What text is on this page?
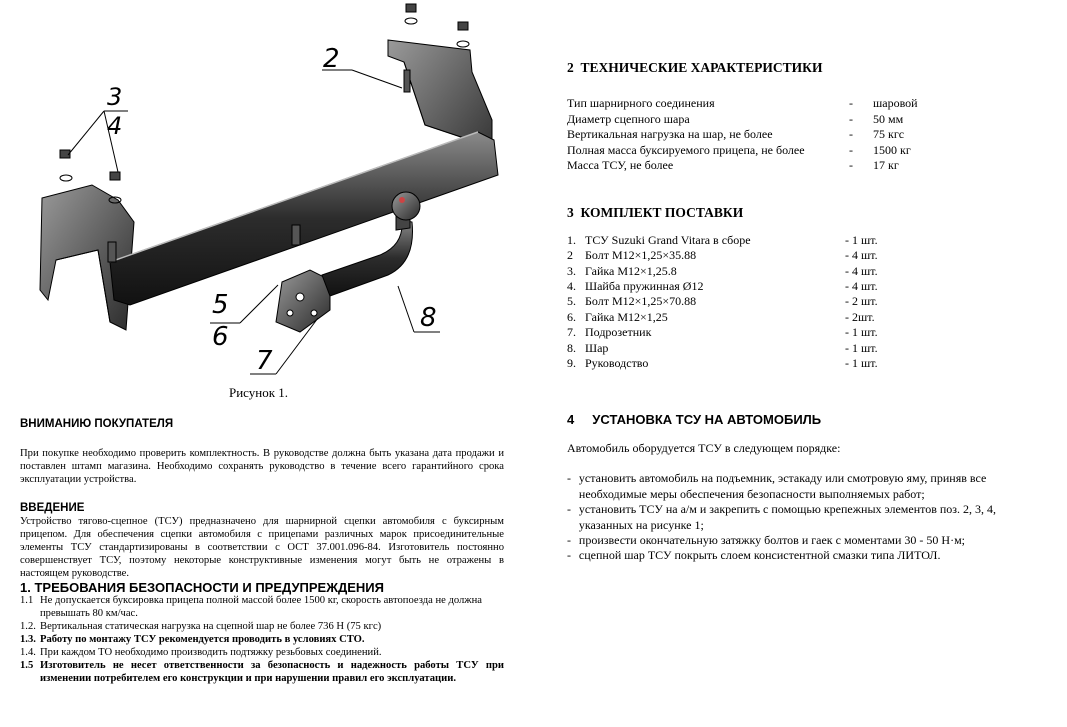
2
3
4
5
6
7
8
Рисунок 1.
ВНИМАНИЮ ПОКУПАТЕЛЯ
При покупке необходимо проверить комплектность. В руководстве должна быть указана дата продажи и поставлен штамп магазина. Необходимо сохранять руководство в течение всего гарантийного срока эксплуатации устройства.
ВВЕДЕНИЕ
Устройство тягово-сцепное (ТСУ) предназначено для шарнирной сцепки автомобиля с буксирным прицепом. Для обеспечения сцепки автомобиля с прицепами различных марок присоединительные элементы ТСУ стандартизированы в соответствии с ОСТ 37.001.096-84. Изготовитель постоянно совершенствует ТСУ, поэтому некоторые конструктивные изменения могут быть не отражены в настоящем руководстве.
1. ТРЕБОВАНИЯ БЕЗОПАСНОСТИ И ПРЕДУПРЕЖДЕНИЯ
1.1 Не допускается буксировка прицепа полной массой более 1500 кг, скорость автопоезда не должна превышать 80 км/час.
1.2. Вертикальная статическая нагрузка на сцепной шар не более 736 Н (75 кгс)
1.3. Работу по монтажу ТСУ рекомендуется проводить в условиях СТО.
1.4. При каждом ТО необходимо производить подтяжку резьбовых соединений.
1.5 Изготовитель не несет ответственности за безопасность и надежность работы ТСУ при изменении потребителем его конструкции и при нарушении правил его эксплуатации.
2 ТЕХНИЧЕСКИЕ ХАРАКТЕРИСТИКИ
Тип шарнирного соединения	-	шаровой
Диаметр сцепного шара	-	50 мм
Вертикальная нагрузка на шар, не более	-	75 кгс
Полная масса буксируемого прицепа, не более	-	1500 кг
Масса ТСУ, не более	-	17 кг
3 КОМПЛЕКТ ПОСТАВКИ
1. ТСУ Suzuki Grand Vitara в сборе	- 1 шт.
2	Болт М12×1,25×35.88	- 4 шт.
3. Гайка М12×1,25.8	- 4 шт.
4. Шайба пружинная Ø12	- 4 шт.
5. Болт М12×1,25×70.88	- 2 шт.
6. Гайка М12×1,25	- 2шт.
7. Подрозетник	- 1 шт.
8. Шар	- 1 шт.
9. Руководство	- 1 шт.
4 УСТАНОВКА ТСУ НА АВТОМОБИЛЬ
Автомобиль оборудуется ТСУ в следующем порядке:
- установить автомобиль на подъемник, эстакаду или смотровую яму, приняв все необходимые меры обеспечения безопасности выполняемых работ;
- установить ТСУ на а/м и закрепить с помощью крепежных элементов поз. 2, 3, 4, указанных на рисунке 1;
- произвести окончательную затяжку болтов и гаек с моментами 30 - 50 Н·м;
- сцепной шар ТСУ покрыть слоем консистентной смазки типа ЛИТОЛ.
